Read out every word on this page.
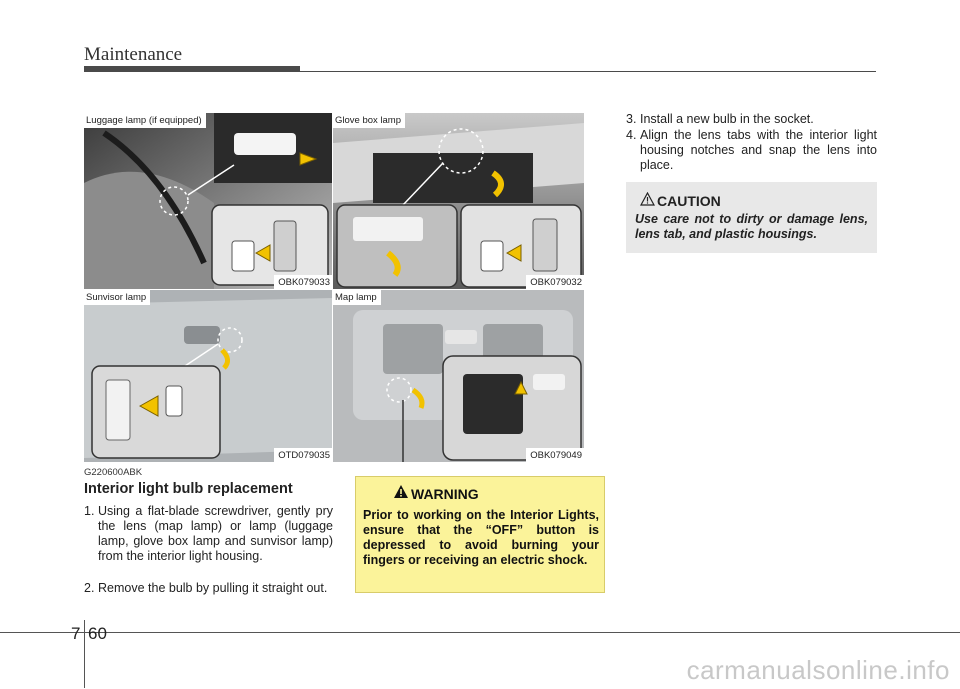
Maintenance
Luggage lamp (if equipped)
OBK079033
Glove box lamp
OBK079032
Sunvisor lamp
OTD079035
Map lamp
OBK079049
G220600ABK
Interior light bulb replacement
1. Using a flat-blade screwdriver, gently pry the lens (map lamp) or lamp (luggage lamp, glove box lamp and sunvisor lamp) from the interior light housing.
2. Remove the bulb by pulling it straight out.
3. Install a new bulb in the socket.
4. Align the lens tabs with the interior light housing notches and snap the lens into place.
WARNING
Prior to working on the Interior Lights, ensure that the “OFF” button is depressed to avoid burning your fingers or receiving an electric shock.
CAUTION
Use care not to dirty or damage lens, lens tab, and plastic housings.
7 60
carmanualsonline.info
